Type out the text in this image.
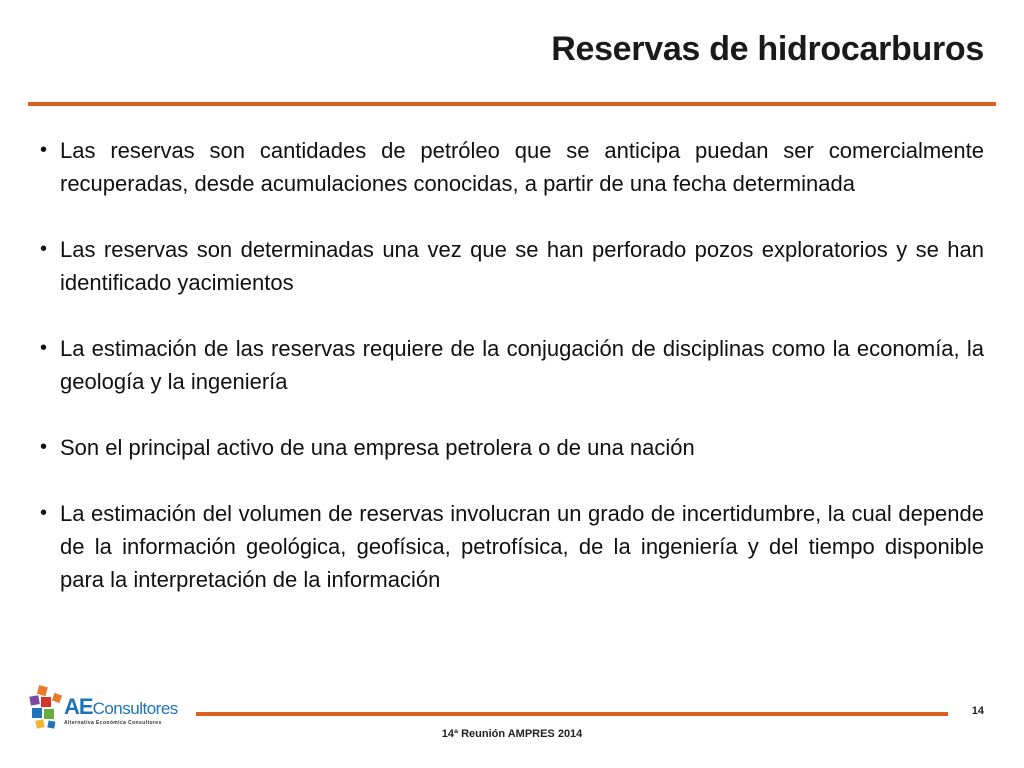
Reservas de hidrocarburos
• Las reservas son cantidades de petróleo que se anticipa puedan ser comercialmente recuperadas, desde acumulaciones conocidas, a partir de una fecha determinada
• Las reservas son determinadas una vez que se han perforado pozos exploratorios y se han identificado yacimientos
• La estimación de las reservas requiere de la conjugación de disciplinas como la economía, la geología y la ingeniería
• Son el principal activo de una empresa petrolera o de una nación
• La estimación del volumen de reservas involucran un grado de incertidumbre, la cual depende de la información geológica, geofísica, petrofísica, de la ingeniería y del tiempo disponible para la interpretación de la información
AEConsultores
Alternativa Económica Consultores
14
14ª Reunión AMPRES 2014
